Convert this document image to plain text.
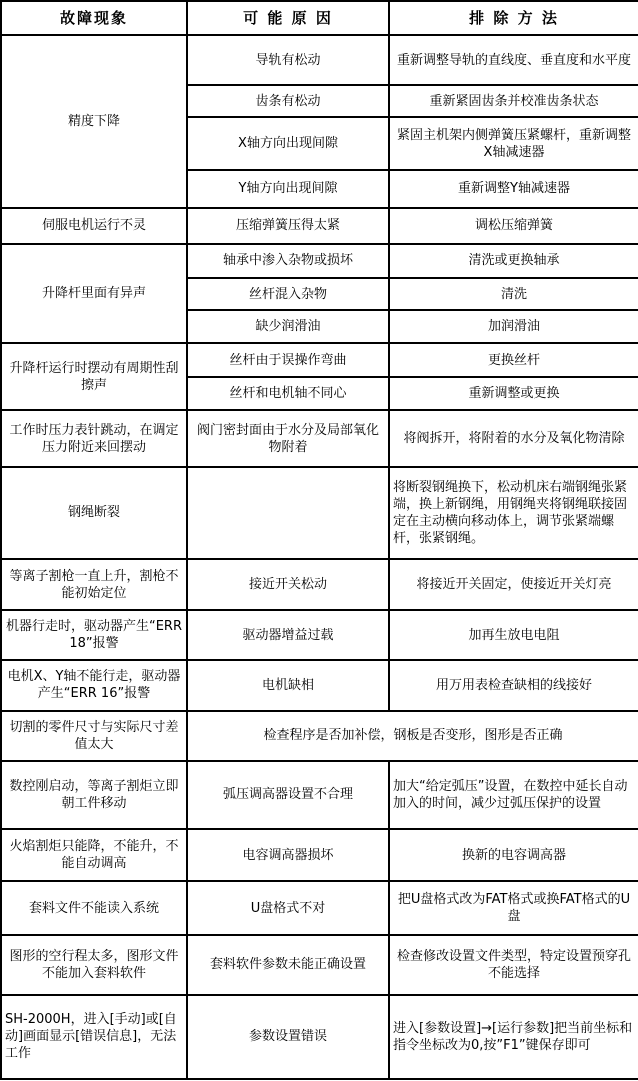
故障现象	可 能 原 因	排 除 方 法
精度下降	导轨有松动	重新调整导轨的直线度、垂直度和水平度
	齿条有松动	重新紧固齿条并校准齿条状态
	X轴方向出现间隙	紧固主机架内侧弹簧压紧螺杆，重新调整X轴减速器
	Y轴方向出现间隙	重新调整Y轴减速器
伺服电机运行不灵	压缩弹簧压得太紧	调松压缩弹簧
升降杆里面有异声	轴承中渗入杂物或损坏	清洗或更换轴承
	丝杆混入杂物	清洗
	缺少润滑油	加润滑油
升降杆运行时摆动有周期性刮擦声	丝杆由于误操作弯曲	更换丝杆
	丝杆和电机轴不同心	重新调整或更换
工作时压力表针跳动，在调定压力附近来回摆动	阀门密封面由于水分及局部氧化物附着	将阀拆开，将附着的水分及氧化物清除
钢绳断裂		将断裂钢绳换下，松动机床右端钢绳张紧端，换上新钢绳，用钢绳夹将钢绳联接固定在主动横向移动体上，调节张紧端螺杆，张紧钢绳。
等离子割枪一直上升，割枪不能初始定位	接近开关松动	将接近开关固定，使接近开关灯亮
机器行走时，驱动器产生“ERR 18”报警	驱动器增益过载	加再生放电电阻
电机X、Y轴不能行走，驱动器产生“ERR 16”报警	电机缺相	用万用表检查缺相的线接好
切割的零件尺寸与实际尺寸差值太大	检查程序是否加补偿，钢板是否变形，图形是否正确	
数控刚启动，等离子割炬立即朝工件移动	弧压调高器设置不合理	加大“给定弧压”设置，在数控中延长自动加入的时间，减少过弧压保护的设置
火焰割炬只能降，不能升，不能自动调高	电容调高器损坏	换新的电容调高器
套料文件不能读入系统	U盘格式不对	把U盘格式改为FAT格式或换FAT格式的U盘
图形的空行程太多，图形文件不能加入套料软件	套料软件参数未能正确设置	检查修改设置文件类型，特定设置预穿孔不能选择
SH-2000H，进入[手动]或[自动]画面显示[错误信息]，无法工作	参数设置错误	进入[参数设置]→[运行参数]把当前坐标和指令坐标改为0,按”F1”键保存即可
